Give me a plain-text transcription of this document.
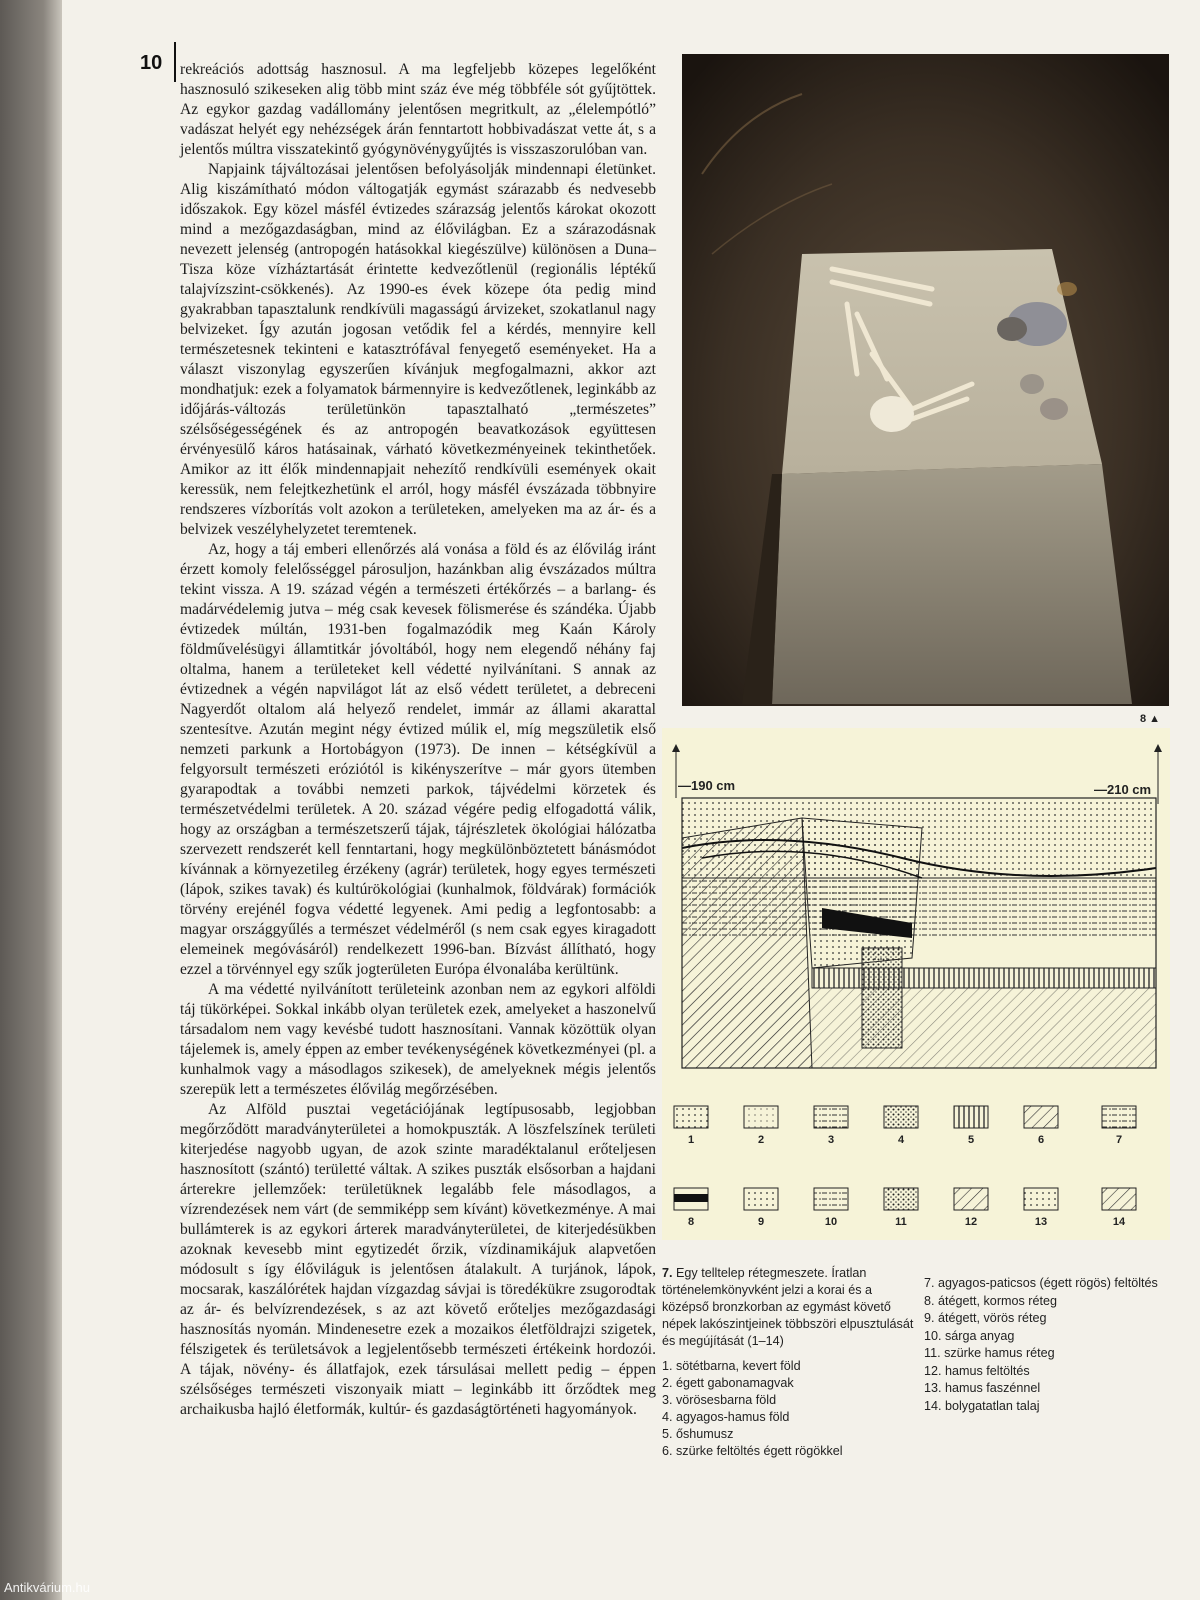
10 rekreációs adottság hasznosul. A ma legfeljebb közepes legelőként hasznosuló szikeseken alig több mint száz éve még többféle sót gyűjtöttek. Az egykor gazdag vadállomány jelentősen megritkult, az „élelempótló” vadászat helyét egy nehézségek árán fenntartott hobbivadászat vette át, s a jelentős múltra visszatekintő gyógynövénygyűjtés is visszaszorulóban van.

Napjaink tájváltozásai jelentősen befolyásolják mindennapi életünket. Alig kiszámítható módon váltogatják egymást szárazabb és nedvesebb időszakok. Egy közel másfél évtizedes szárazság jelentős károkat okozott mind a mezőgazdaságban, mind az élővilágban. Ez a szárazodásnak nevezett jelenség (antropogén hatásokkal kiegészülve) különösen a Duna–Tisza köze vízháztartását érintette kedvezőtlenül (regionális léptékű talajvízszint-csökkenés). Az 1990-es évek közepe óta pedig mind gyakrabban tapasztalunk rendkívüli magasságú árvizeket, szokatlanul nagy belvizeket. Így azután jogosan vetődik fel a kérdés, mennyire kell természetesnek tekinteni e katasztrófával fenyegető eseményeket. Ha a választ viszonylag egyszerűen kívánjuk megfogalmazni, akkor azt mondhatjuk: ezek a folyamatok bármennyire is kedvezőtlenek, leginkább az időjárás-változás területünkön tapasztalható „természetes” szélsőségességének és az antropogén beavatkozások együttesen érvényesülő káros hatásainak, várható következményeinek tekinthetőek. Amikor az itt élők mindennapjait nehezítő rendkívüli események okait keressük, nem felejtkezhetünk el arról, hogy másfél évszázada többnyire rendszeres vízborítás volt azokon a területeken, amelyeken ma az ár- és a belvizek veszélyhelyzetet teremtenek.

Az, hogy a táj emberi ellenőrzés alá vonása a föld és az élővilág iránt érzett komoly felelősséggel párosuljon, hazánkban alig évszázados múltra tekint vissza. A 19. század végén a természeti értékőrzés – a barlang- és madárvédelemig jutva – még csak kevesek fölismerése és szándéka. Újabb évtizedek múltán, 1931-ben fogalmazódik meg Kaán Károly földművelésügyi államtitkár jóvoltából, hogy nem elegendő néhány faj oltalma, hanem a területeket kell védetté nyilvánítani. S annak az évtizednek a végén napvilágot lát az első védett területet, a debreceni Nagyerdőt oltalom alá helyező rendelet, immár az állami akarattal szentesítve. Azután megint négy évtized múlik el, míg megszületik első nemzeti parkunk a Hortobágyon (1973). De innen – kétségkívül a felgyorsult természeti eróziótól is kikényszerítve – már gyors ütemben gyarapodtak a további nemzeti parkok, tájvédelmi körzetek és természetvédelmi területek. A 20. század végére pedig elfogadottá válik, hogy az országban a természetszerű tájak, tájrészletek ökológiai hálózatba szervezett rendszerét kell fenntartani, hogy megkülönböztetett bánásmódot kívánnak a környezetileg érzékeny (agrár) területek, hogy egyes természeti (lápok, szikes tavak) és kultúrökológiai (kunhalmok, földvárak) formációk törvény erejénél fogva védetté legyenek. Ami pedig a legfontosabb: a magyar országgyűlés a természet védelméről (s nem csak egyes kiragadott elemeinek megóvásáról) rendelkezett 1996-ban. Bízvást állítható, hogy ezzel a törvénnyel egy szűk jogterületen Európa élvonalába kerültünk.

A ma védetté nyilvánított területeink azonban nem az egykori alföldi táj tükörképei. Sokkal inkább olyan területek ezek, amelyeket a haszonelvű társadalom nem vagy kevésbé tudott hasznosítani. Vannak közöttük olyan tájelemek is, amely éppen az ember tevékenységének következményei (pl. a kunhalmok vagy a másodlagos szikesek), de amelyeknek mégis jelentős szerepük lett a természetes élővilág megőrzésében.

Az Alföld pusztai vegetációjának legtípusosabb, legjobban megőrződött maradványterületei a homokpuszták. A löszfelszínek területi kiterjedése nagyobb ugyan, de azok szinte maradéktalanul erőteljesen hasznosított (szántó) területté váltak. A szikes puszták elsősorban a hajdani árterekre jellemzőek: területüknek legalább fele másodlagos, a vízrendezések nem várt (de semmiképp sem kívánt) következménye. A mai bullámterek is az egykori árterek maradványterületei, de kiterjedésükben azoknak kevesebb mint egytizedét őrzik, vízdinamikájuk alapvetően módosult s így élőviláguk is jelentősen átalakult. A turjánok, lápok, mocsarak, kaszálórétek hajdan vízgazdag sávjai is töredékükre zsugorodtak az ár- és belvízrendezések, s az azt követő erőteljes mezőgazdasági hasznosítás nyomán. Mindenesetre ezek a mozaikos életföldrajzi szigetek, félszigetek és területsávok a legjelentősebb természeti értékeink hordozói. A tájak, növény- és állatfajok, ezek társulásai mellett pedig – éppen szélsőséges természeti viszonyaik miatt – leginkább itt őrződtek meg archaikusba hajló életformák, kultúr- és gazdaságtörténeti hagyományok.

8 ▲
—190 cm	—210 cm
1	2	3	4	5	6	7
8	9	10	11	12	13	14

7. Egy telltelep rétegmeszete. Íratlan történelemkönyvként jelzi a korai és a középső bronzkorban az egymást követő népek lakószintjeinek többszöri elpusztulását és megújítását (1–14)

1. sötétbarna, kevert föld
2. égett gabonamagvak
3. vörösesbarna föld
4. agyagos-hamus föld
5. őshumusz
6. szürke feltöltés égett rögökkel
7. agyagos-paticsos (égett rögös) feltöltés
8. átégett, kormos réteg
9. átégett, vörös réteg
10. sárga anyag
11. szürke hamus réteg
12. hamus feltöltés
13. hamus faszénnel
14. bolygatatlan talaj
Antikvárium.hu
